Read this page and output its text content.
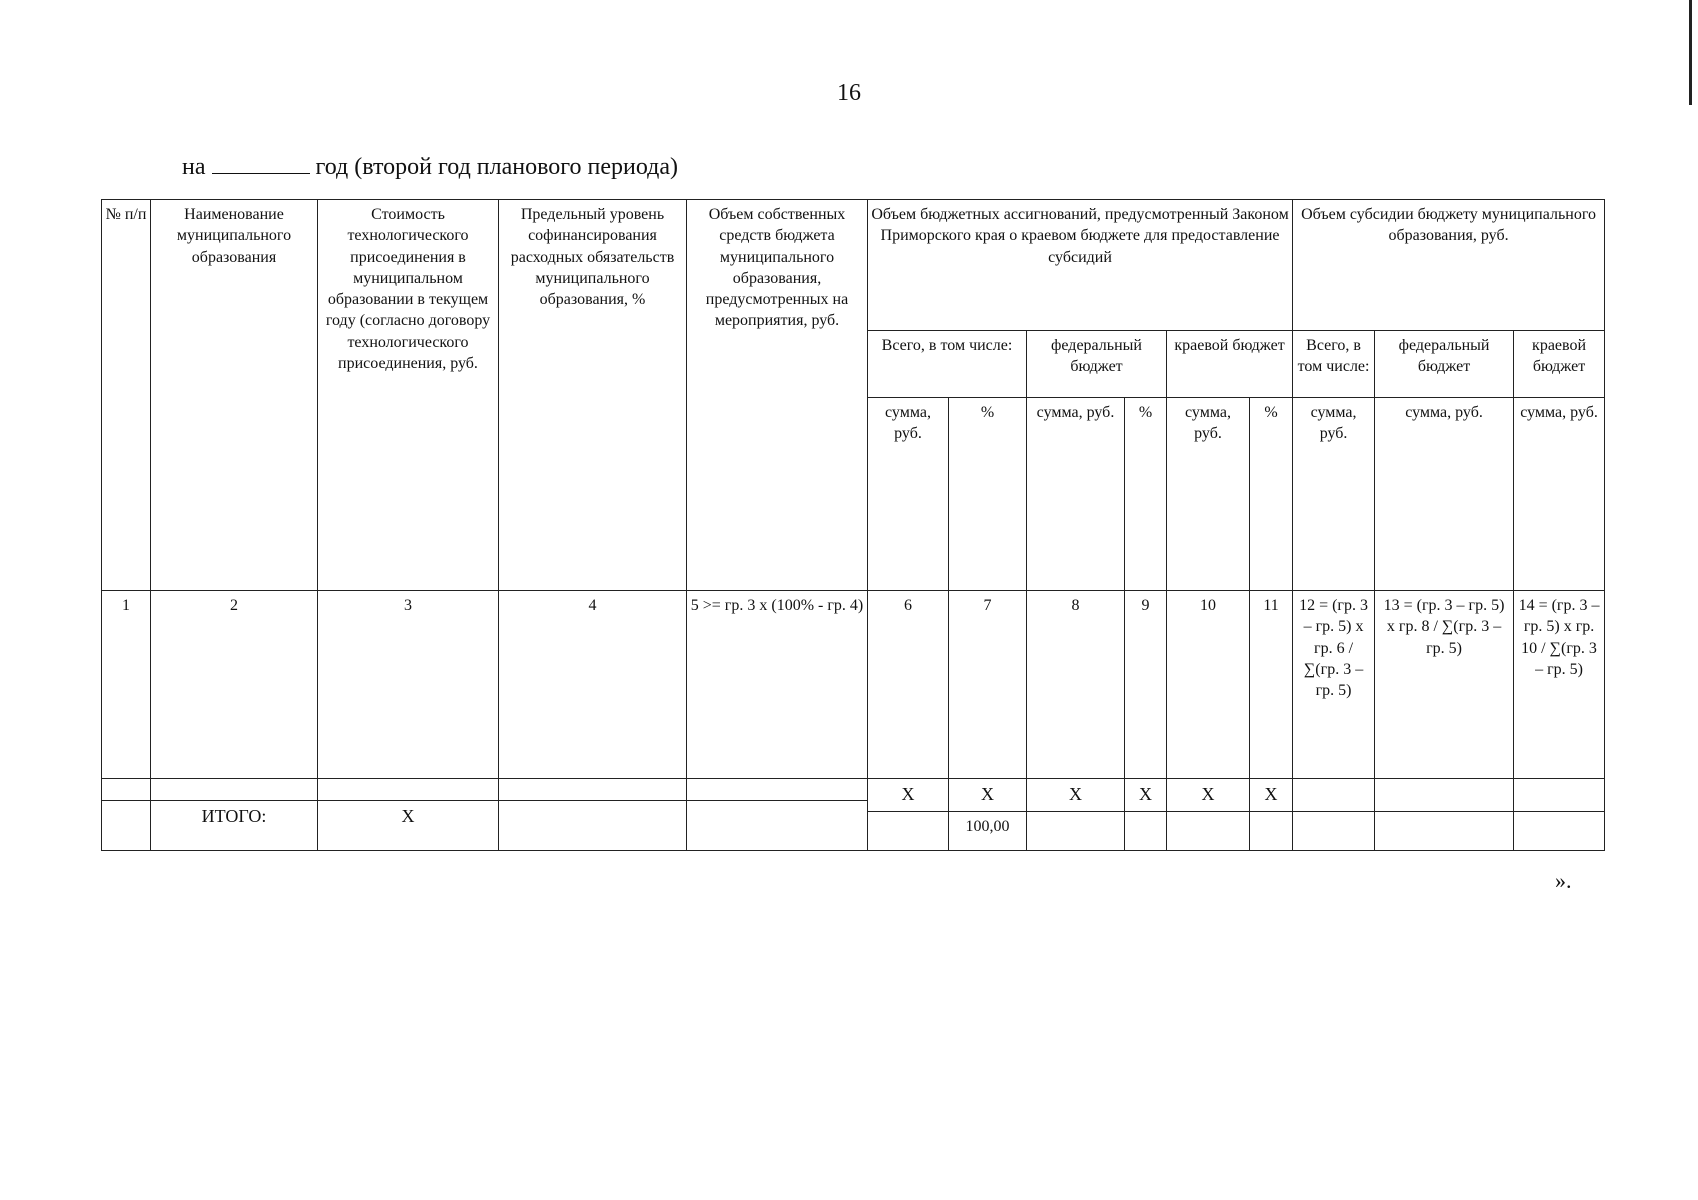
16
на	год (второй год планового периода)
№ п/п	Наименование муниципального образования	Стоимость технологического присоединения в муниципальном образовании в текущем году (согласно договору технологического присоединения, руб.	Предельный уровень софинансирования расходных обязательств муниципального образования, %	Объем собственных средств бюджета муниципального образования, предусмотренных на мероприятия, руб.	Объем бюджетных ассигнований, предусмотренный Законом Приморского края о краевом бюджете для предоставление субсидий						Объем субсидии бюджету муниципального образования, руб.		
					Всего, в том числе:		федеральный бюджет		краевой бюджет		Всего, в том числе:	федеральный бюджет	краевой бюджет
					сумма, руб.	%	сумма, руб.	%	сумма, руб.	%	сумма, руб.	сумма, руб.	сумма, руб.
1	2	3	4	5 >= гр. 3 x (100% - гр. 4)	6	7	8	9	10	11	12 = (гр. 3 – гр. 5) x гр. 6 / ∑(гр. 3 – гр. 5)	13 = (гр. 3 – гр. 5) x гр. 8 / ∑(гр. 3 – гр. 5)	14 = (гр. 3 – гр. 5) x гр. 10 / ∑(гр. 3 – гр. 5)
					X	X	X	X	X	X			
	ИТОГО:	X											
						100,00							
».
